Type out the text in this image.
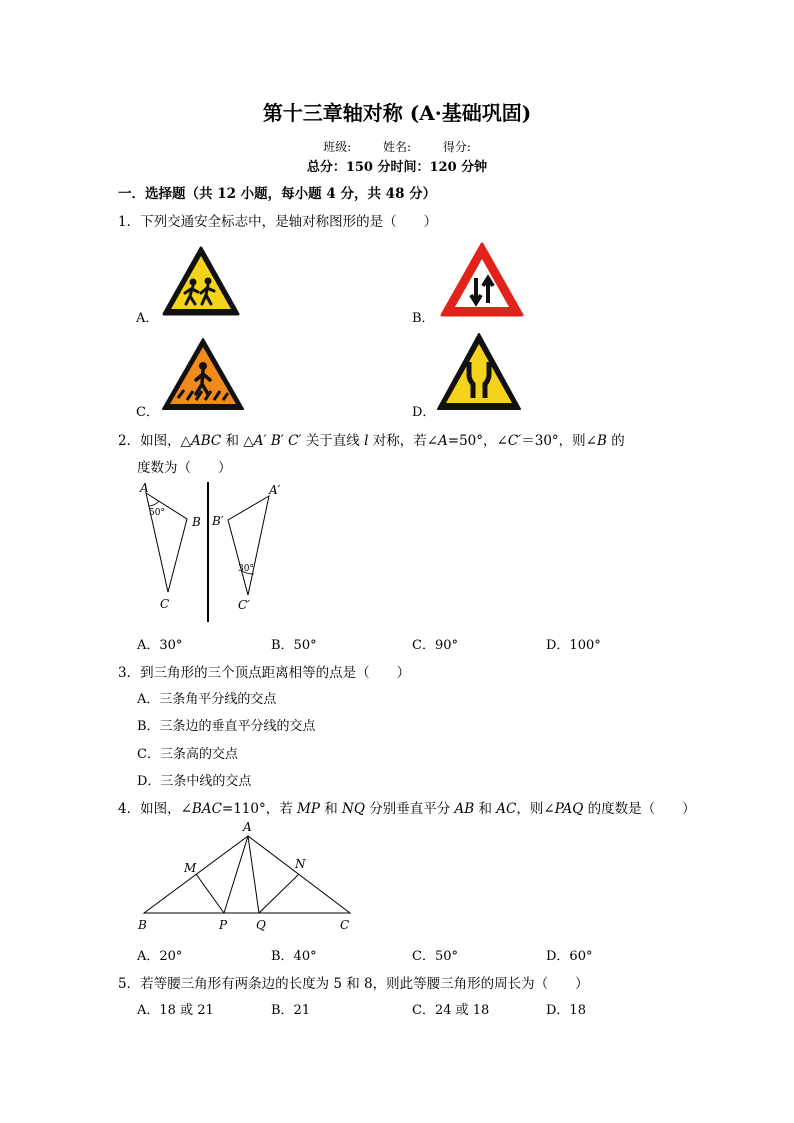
第十三章轴对称 (A·基础巩固)
班级:	姓名:	得分:
总分：150 分时间：120 分钟
一．选择题（共 12 小题，每小题 4 分，共 48 分）
1．下列交通安全标志中，是轴对称图形的是（　　）
A．	B．
C．	D．
2．如图，△ABC 和 △A′ B′ C′ 关于直线 l 对称，若∠A=50°，∠C′＝30°，则∠B 的
度数为（　　）
A
B
C
50°
A′
B′
C′
30°
A．30°	B．50°	C．90°	D．100°
3．到三角形的三个顶点距离相等的点是（　　）
A．三条角平分线的交点
B．三条边的垂直平分线的交点
C．三条高的交点
D．三条中线的交点
4．如图，∠BAC=110°，若 MP 和 NQ 分别垂直平分 AB 和 AC，则∠PAQ 的度数是（　　）
A
M	N
B	P Q	C
A．20°	B．40°	C．50°	D．60°
5．若等腰三角形有两条边的长度为 5 和 8，则此等腰三角形的周长为（　　）
A．18 或 21	B．21	C．24 或 18	D．18
